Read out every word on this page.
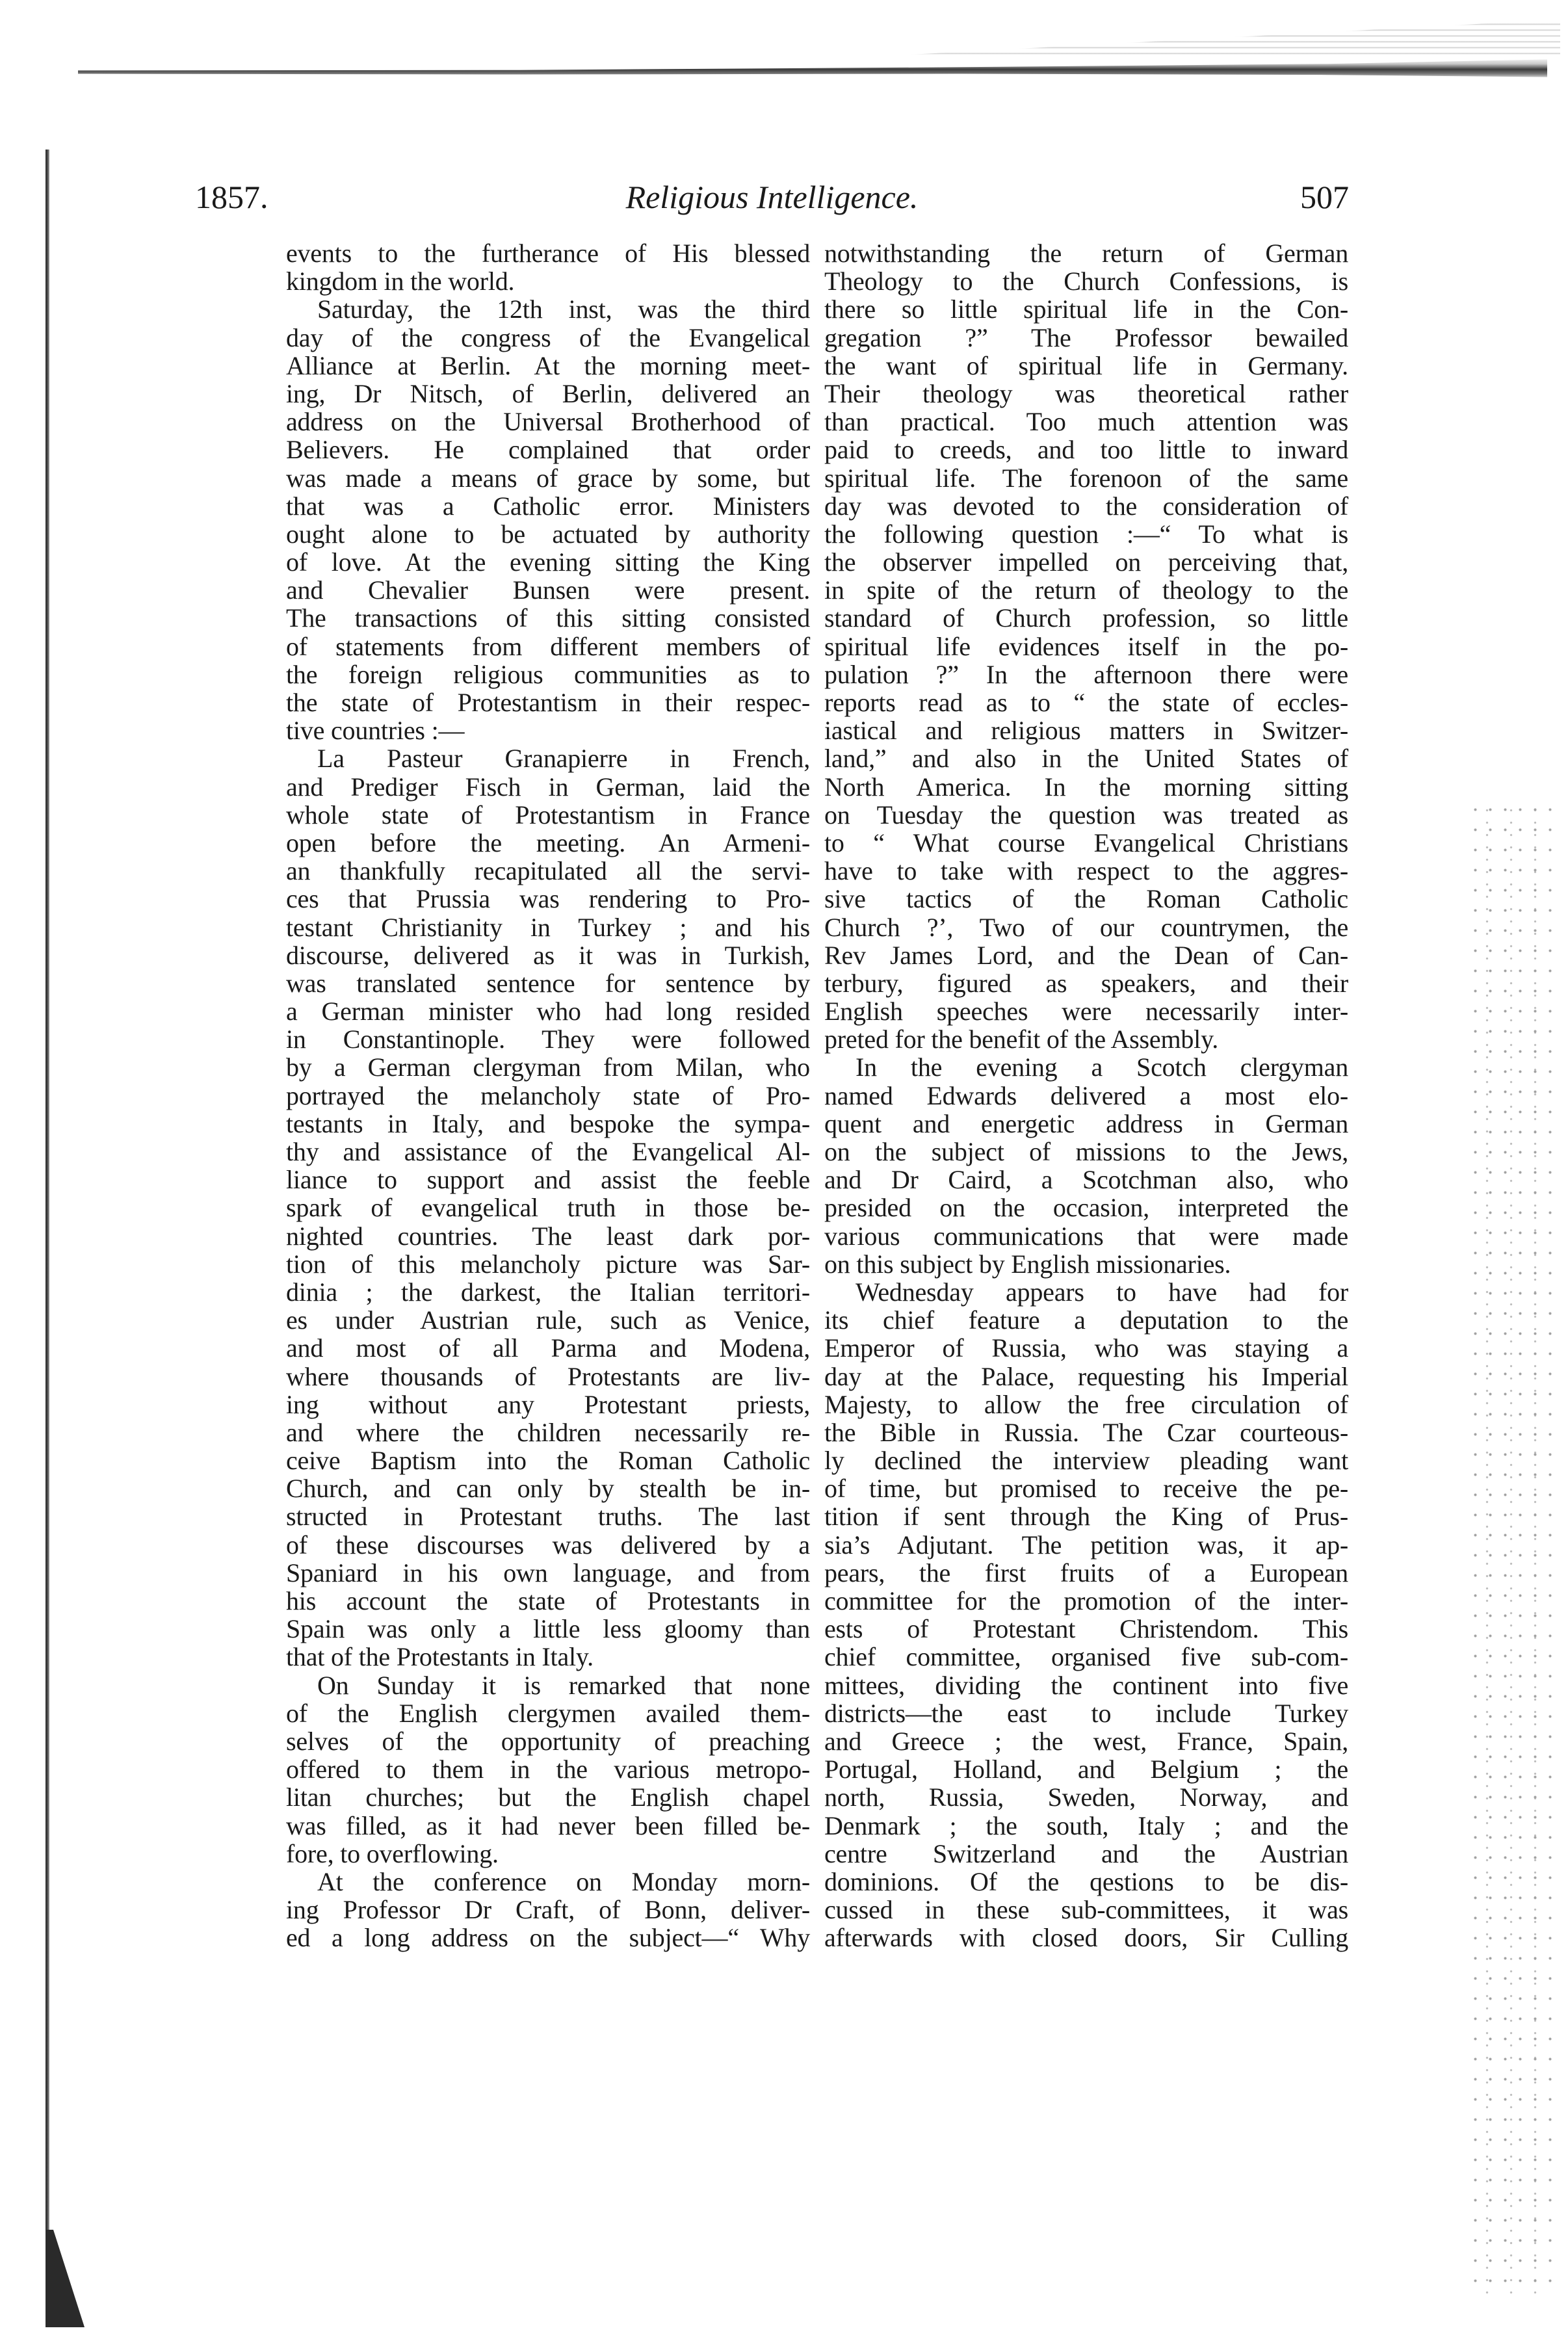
1857.	Religious Intelligence.	507
events to the furtherance of His blessed
kingdom in the world.
Saturday, the 12th inst, was the third
day of the congress of the Evangelical
Alliance at Berlin. At the morning meet-
ing, Dr Nitsch, of Berlin, delivered an
address on the Universal Brotherhood of
Believers. He complained that order
was made a means of grace by some, but
that was a Catholic error. Ministers
ought alone to be actuated by authority
of love. At the evening sitting the King
and Chevalier Bunsen were present.
The transactions of this sitting consisted
of statements from different members of
the foreign religious communities as to
the state of Protestantism in their respec-
tive countries :—
La Pasteur Granapierre in French,
and Prediger Fisch in German, laid the
whole state of Protestantism in France
open before the meeting. An Armeni-
an thankfully recapitulated all the servi-
ces that Prussia was rendering to Pro-
testant Christianity in Turkey ; and his
discourse, delivered as it was in Turkish,
was translated sentence for sentence by
a German minister who had long resided
in Constantinople. They were followed
by a German clergyman from Milan, who
portrayed the melancholy state of Pro-
testants in Italy, and bespoke the sympa-
thy and assistance of the Evangelical Al-
liance to support and assist the feeble
spark of evangelical truth in those be-
nighted countries. The least dark por-
tion of this melancholy picture was Sar-
dinia ; the darkest, the Italian territori-
es under Austrian rule, such as Venice,
and most of all Parma and Modena,
where thousands of Protestants are liv-
ing without any Protestant priests,
and where the children necessarily re-
ceive Baptism into the Roman Catholic
Church, and can only by stealth be in-
structed in Protestant truths. The last
of these discourses was delivered by a
Spaniard in his own language, and from
his account the state of Protestants in
Spain was only a little less gloomy than
that of the Protestants in Italy.
On Sunday it is remarked that none
of the English clergymen availed them-
selves of the opportunity of preaching
offered to them in the various metropo-
litan churches; but the English chapel
was filled, as it had never been filled be-
fore, to overflowing.
At the conference on Monday morn-
ing Professor Dr Craft, of Bonn, deliver-
ed a long address on the subject—“ Why
notwithstanding the return of German
Theology to the Church Confessions, is
there so little spiritual life in the Con-
gregation ?” The Professor bewailed
the want of spiritual life in Germany.
Their theology was theoretical rather
than practical. Too much attention was
paid to creeds, and too little to inward
spiritual life. The forenoon of the same
day was devoted to the consideration of
the following question :—“ To what is
the observer impelled on perceiving that,
in spite of the return of theology to the
standard of Church profession, so little
spiritual life evidences itself in the po-
pulation ?” In the afternoon there were
reports read as to “ the state of eccles-
iastical and religious matters in Switzer-
land,” and also in the United States of
North America. In the morning sitting
on Tuesday the question was treated as
to “ What course Evangelical Christians
have to take with respect to the aggres-
sive tactics of the Roman Catholic
Church ?’, Two of our countrymen, the
Rev James Lord, and the Dean of Can-
terbury, figured as speakers, and their
English speeches were necessarily inter-
preted for the benefit of the Assembly.
In the evening a Scotch clergyman
named Edwards delivered a most elo-
quent and energetic address in German
on the subject of missions to the Jews,
and Dr Caird, a Scotchman also, who
presided on the occasion, interpreted the
various communications that were made
on this subject by English missionaries.
Wednesday appears to have had for
its chief feature a deputation to the
Emperor of Russia, who was staying a
day at the Palace, requesting his Imperial
Majesty, to allow the free circulation of
the Bible in Russia. The Czar courteous-
ly declined the interview pleading want
of time, but promised to receive the pe-
tition if sent through the King of Prus-
sia’s Adjutant. The petition was, it ap-
pears, the first fruits of a European
committee for the promotion of the inter-
ests of Protestant Christendom. This
chief committee, organised five sub-com-
mittees, dividing the continent into five
districts—the east to include Turkey
and Greece ; the west, France, Spain,
Portugal, Holland, and Belgium ; the
north, Russia, Sweden, Norway, and
Denmark ; the south, Italy ; and the
centre Switzerland and the Austrian
dominions. Of the qestions to be dis-
cussed in these sub-committees, it was
afterwards with closed doors, Sir Culling
